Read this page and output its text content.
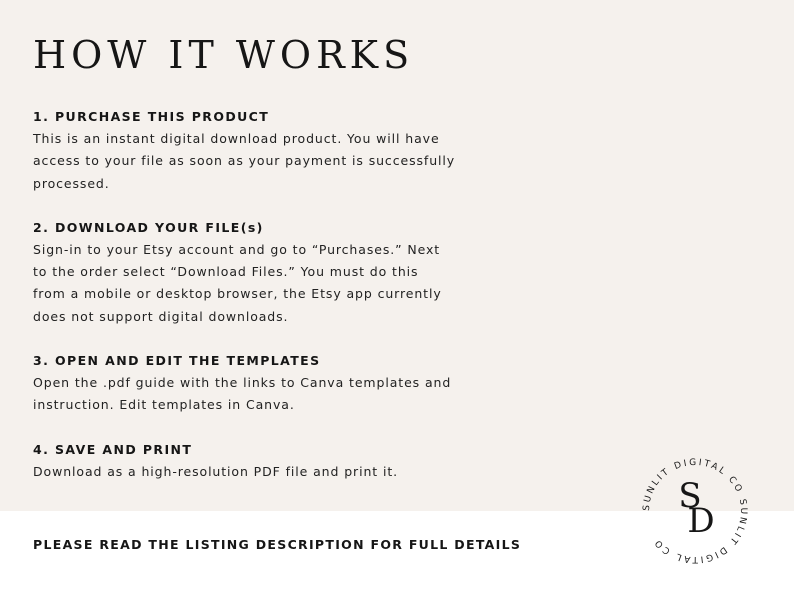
HOW IT WORKS
1. PURCHASE THIS PRODUCT
This is an instant digital download product. You will have
access to your file as soon as your payment is successfully
processed.
2. DOWNLOAD YOUR FILE(s)
Sign-in to your Etsy account and go to “Purchases.” Next
to the order select “Download Files.” You must do this
from a mobile or desktop browser, the Etsy app currently
does not support digital downloads.
3. OPEN AND EDIT THE TEMPLATES
Open the .pdf guide with the links to Canva templates and
instruction. Edit templates in Canva.
4. SAVE AND PRINT
Download as a high-resolution PDF file and print it.
PLEASE READ THE LISTING DESCRIPTION FOR FULL DETAILS
SUNLIT DIGITAL CO SUNLIT DIGITAL CO
S
D
